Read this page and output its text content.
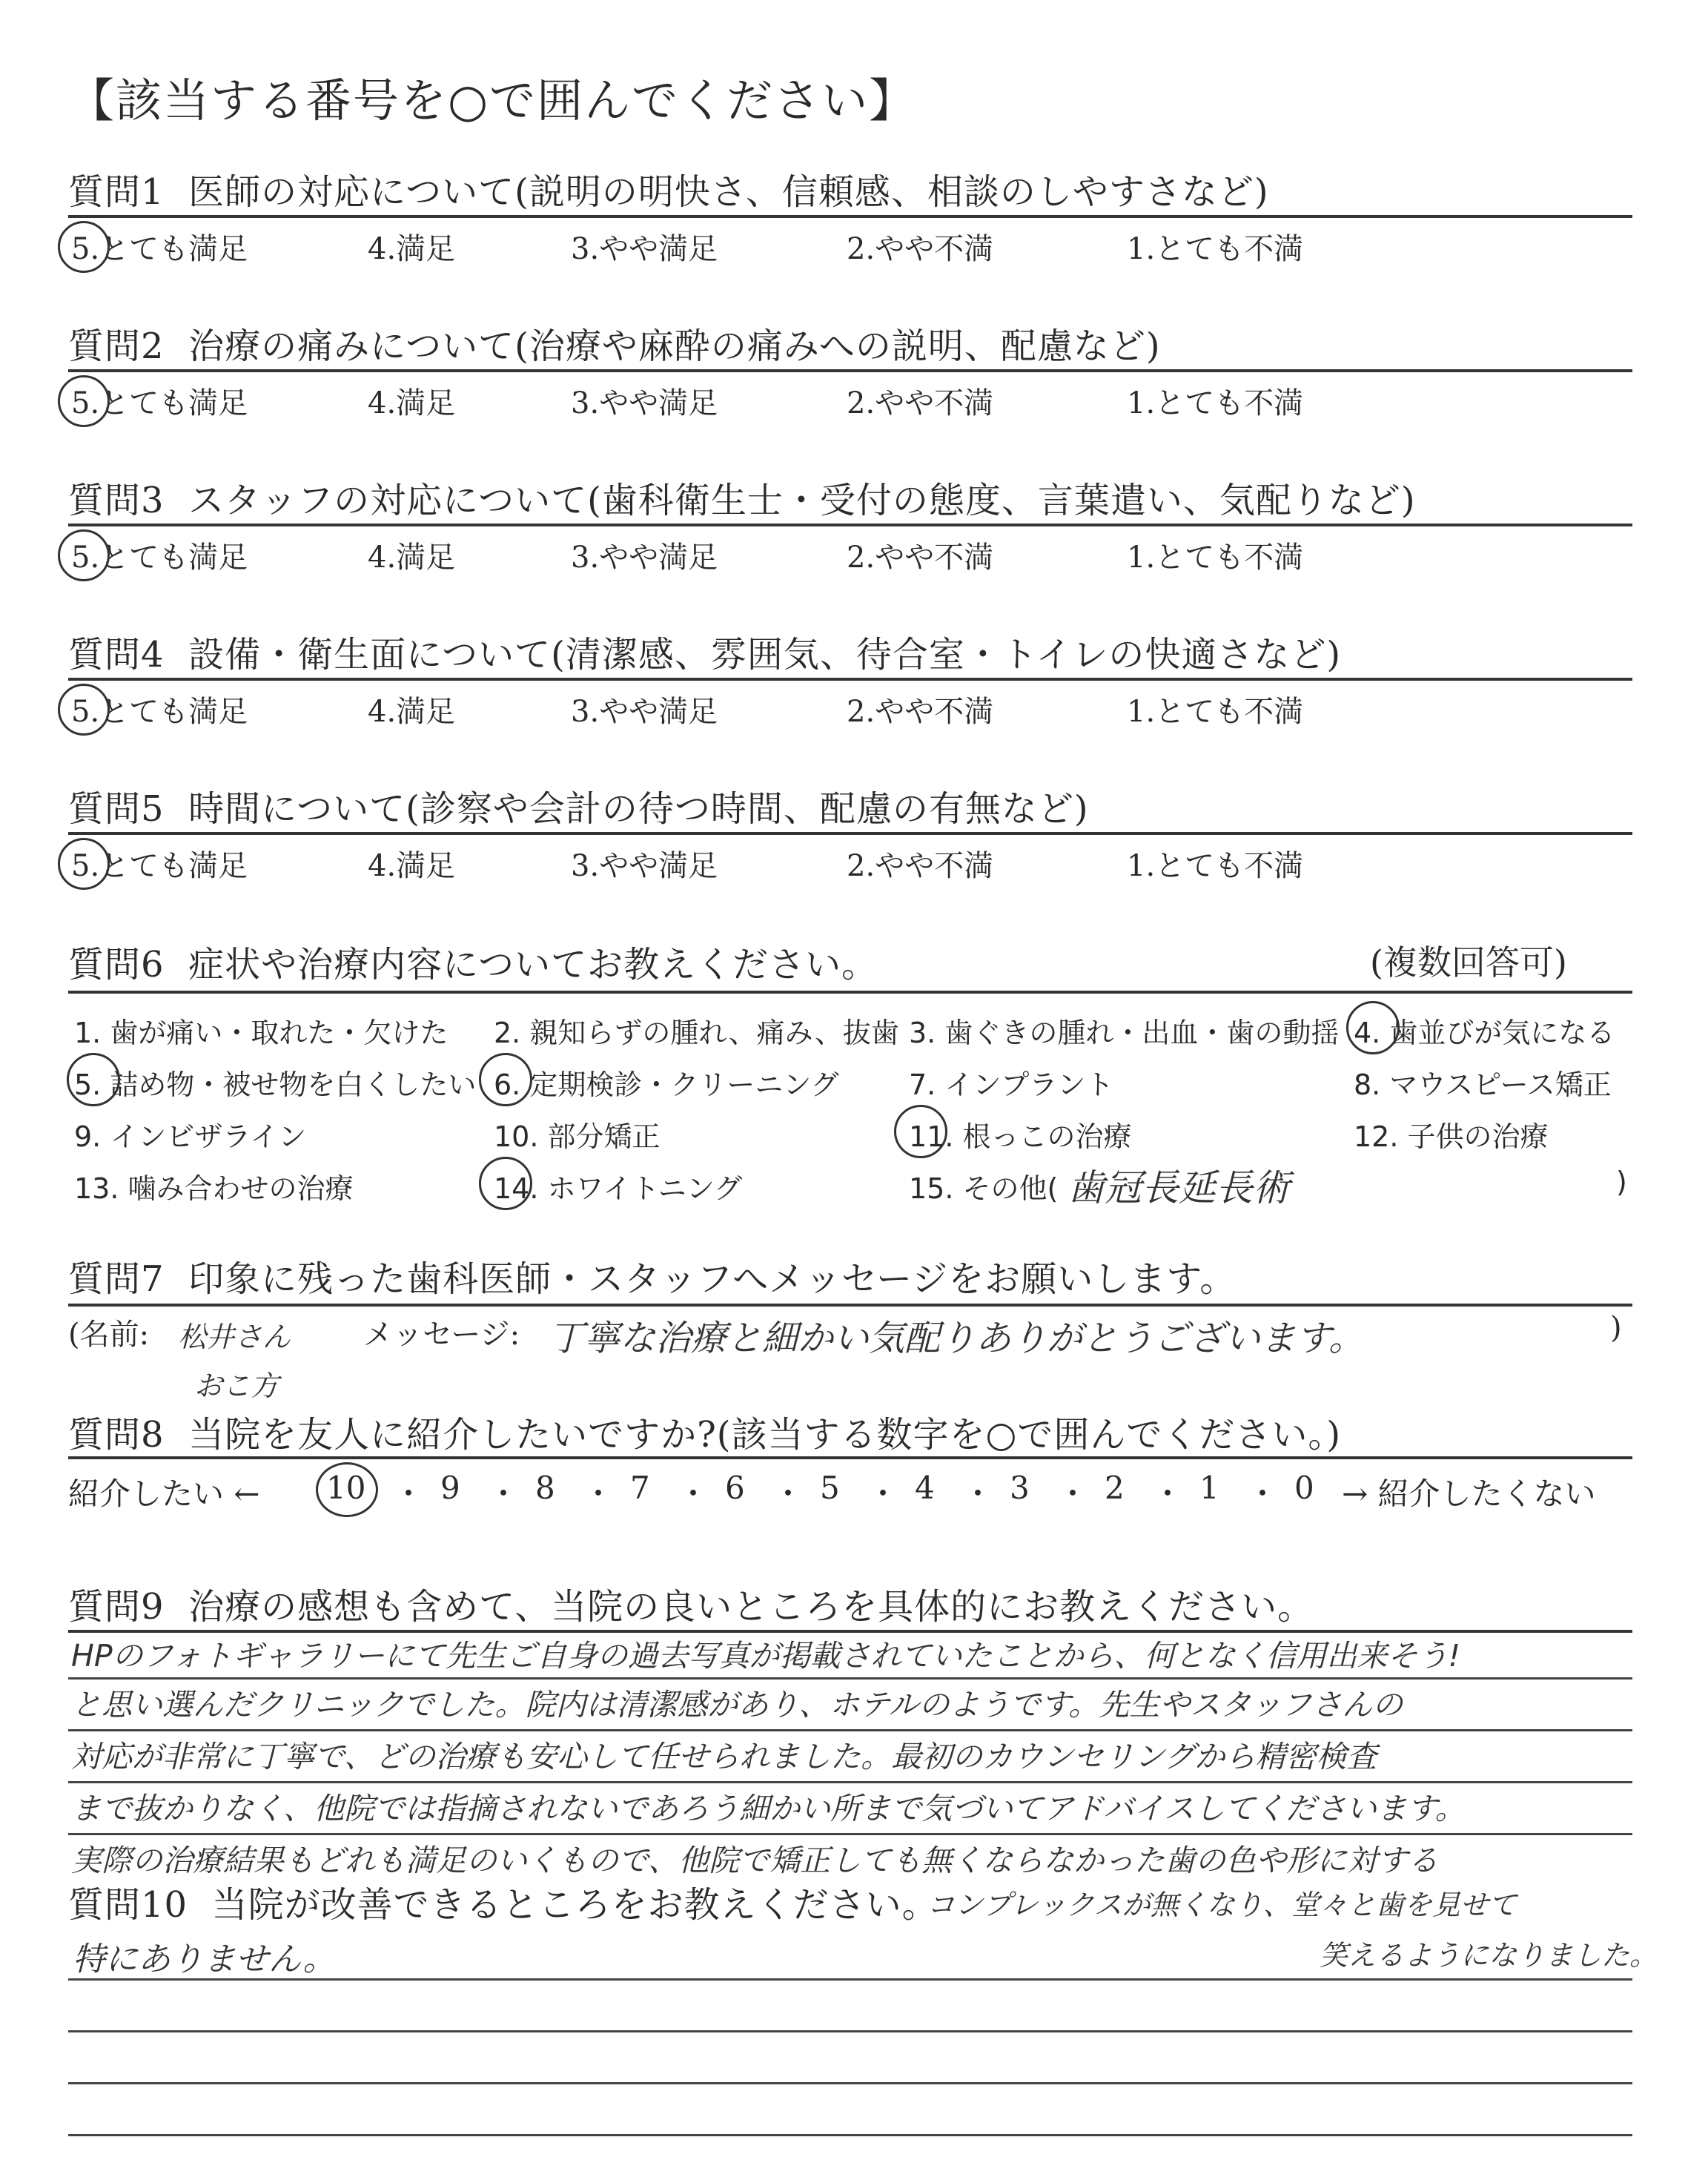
【該当する番号を○で囲んでください】
質問1 医師の対応について(説明の明快さ、信頼感、相談のしやすさなど)
5.とても満足	4.満足	3.やや満足	2.やや不満	1.とても不満
質問2 治療の痛みについて(治療や麻酔の痛みへの説明、配慮など)
5.とても満足	4.満足	3.やや満足	2.やや不満	1.とても不満
質問3 スタッフの対応について(歯科衛生士・受付の態度、言葉遣い、気配りなど)
5.とても満足	4.満足	3.やや満足	2.やや不満	1.とても不満
質問4 設備・衛生面について(清潔感、雰囲気、待合室・トイレの快適さなど)
5.とても満足	4.満足	3.やや満足	2.やや不満	1.とても不満
質問5 時間について(診察や会計の待つ時間、配慮の有無など)
5.とても満足	4.満足	3.やや満足	2.やや不満	1.とても不満
質問6 症状や治療内容についてお教えください。	(複数回答可)
1. 歯が痛い・取れた・欠けた 2. 親知らずの腫れ、痛み、抜歯 3. 歯ぐきの腫れ・出血・歯の動揺 4. 歯並びが気になる
5. 詰め物・被せ物を白くしたい 6. 定期検診・クリーニング 7. インプラント	8. マウスピース矯正
9. インビザライン	10. 部分矯正	11. 根っこの治療	12. 子供の治療
13. 噛み合わせの治療	14. ホワイトニング	15. その他(	)
歯冠長延長術
質問7 印象に残った歯科医師・スタッフへメッセージをお願いします。
(名前: 松井さん
おこ方
メッセージ: 丁寧な治療と細かい気配りありがとうございます。	)
質問8 当院を友人に紹介したいですか?(該当する数字を○で囲んでください。)
紹介したい ← 10 ・ 9 ・ 8 ・ 7 ・ 6 ・ 5 ・ 4 ・ 3 ・ 2 ・ 1 ・ 0 → 紹介したくない
質問9 治療の感想も含めて、当院の良いところを具体的にお教えください。
HPのフォトギャラリーにて先生ご自身の過去写真が掲載されていたことから、何となく信用出来そう!
と思い選んだクリニックでした。院内は清潔感があり、ホテルのようです。先生やスタッフさんの
対応が非常に丁寧で、どの治療も安心して任せられました。最初のカウンセリングから精密検査
まで抜かりなく、他院では指摘されないであろう細かい所まで気づいてアドバイスしてくださいます。
実際の治療結果もどれも満足のいくもので、他院で矯正しても無くならなかった歯の色や形に対する
コンプレックスが無くなり、堂々と歯を見せて
笑えるようになりました。
質問10 当院が改善できるところをお教えください。
特にありません。
